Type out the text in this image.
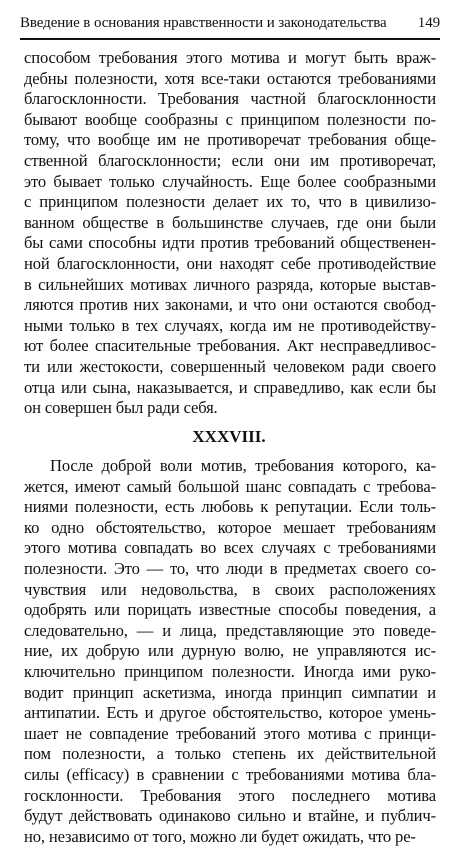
Введение в основания нравственности и законодательства 149
способом требования этого мотива и могут быть враж-
дебны полезности, хотя все-таки остаются требованиями
благосклонности. Требования частной благосклонности
бывают вообще сообразны с принципом полезности по-
тому, что вообще им не противоречат требования обще-
ственной благосклонности; если они им противоречат,
это бывает только случайность. Еще более сообразными
с принципом полезности делает их то, что в цивилизо-
ванном обществе в большинстве случаев, где они были
бы сами способны идти против требований общественен-
ной благосклонности, они находят себе противодействие
в сильнейших мотивах личного разряда, которые выстав-
ляются против них законами, и что они остаются свобод-
ными только в тех случаях, когда им не противодейству-
ют более спасительные требования. Акт несправедливос-
ти или жестокости, совершенный человеком ради своего
отца или сына, наказывается, и справедливо, как если бы
он совершен был ради себя.
XXXVIII.
После доброй воли мотив, требования которого, ка-
жется, имеют самый большой шанс совпадать с требова-
ниями полезности, есть любовь к репутации. Если толь-
ко одно обстоятельство, которое мешает требованиям
этого мотива совпадать во всех случаях с требованиями
полезности. Это — то, что люди в предметах своего со-
чувствия или недовольства, в своих расположениях
одобрять или порицать известные способы поведения, а
следовательно, — и лица, представляющие это поведе-
ние, их добрую или дурную волю, не управляются ис-
ключительно принципом полезности. Иногда ими руко-
водит принцип аскетизма, иногда принцип симпатии и
антипатии. Есть и другое обстоятельство, которое умень-
шает не совпадение требований этого мотива с принци-
пом полезности, а только степень их действительной
силы (efficacy) в сравнении с требованиями мотива бла-
госклонности. Требования этого последнего мотива
будут действовать одинаково сильно и втайне, и публич-
но, независимо от того, можно ли будет ожидать, что ре-
